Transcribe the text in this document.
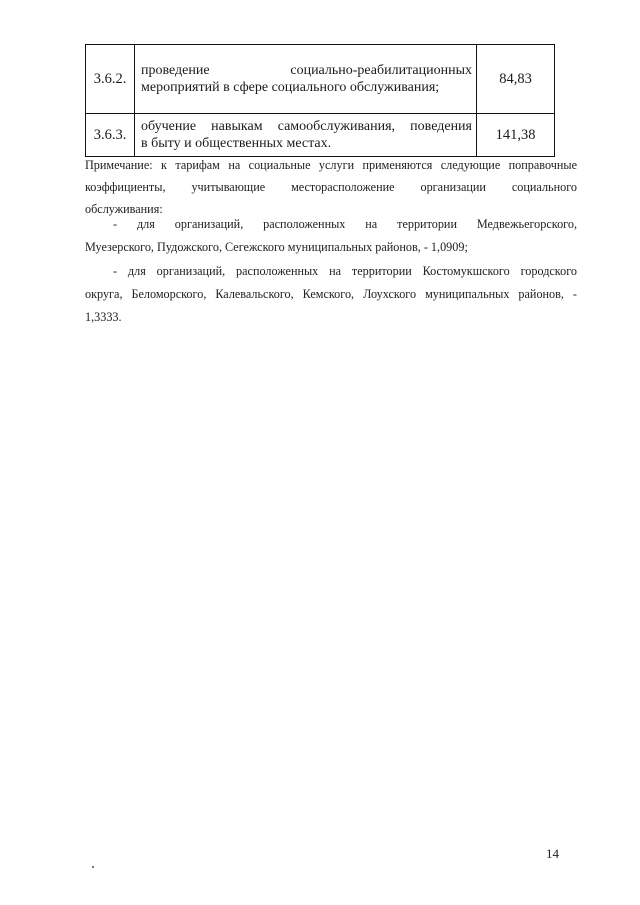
3.6.2.	проведение социально-реабилитационных
мероприятий в сфере социального обслуживания;	84,83
3.6.3.	обучение навыкам самообслуживания, поведения
в быту и общественных местах.	141,38
Примечание: к тарифам на социальные услуги применяются следующие поправочные
коэффициенты, учитывающие месторасположение организации социального
обслуживания:
- для организаций, расположенных на территории Медвежьегорского,
Муезерского, Пудожского, Сегежского муниципальных районов, - 1,0909;
- для организаций, расположенных на территории Костомукшского городского
округа, Беломорского, Калевальского, Кемского, Лоухского муниципальных районов, -
1,3333.
14
